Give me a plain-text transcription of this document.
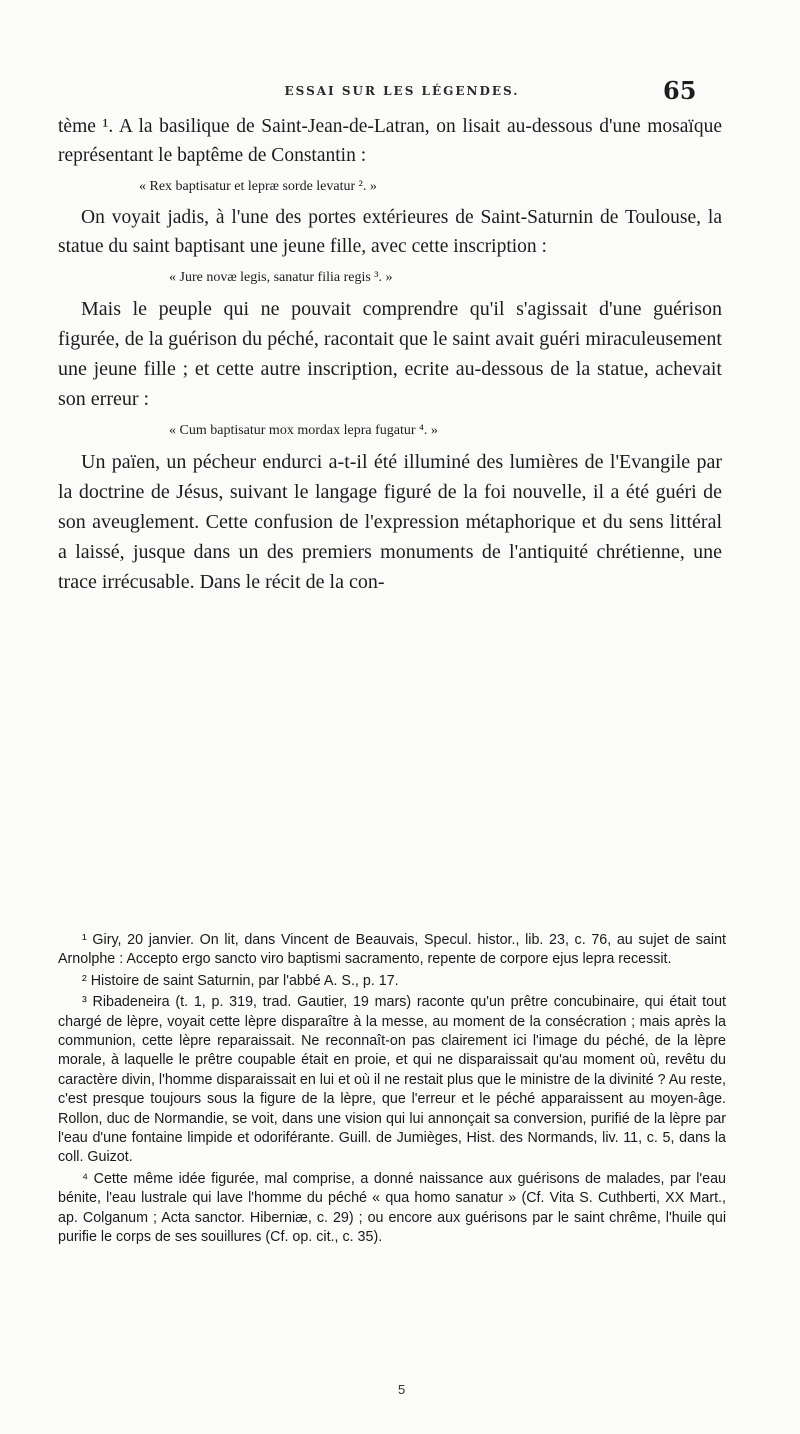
ESSAI SUR LES LÉGENDES.	65

tème ¹. A la basilique de Saint-Jean-de-Latran, on lisait au-dessous d'une mosaïque représentant le baptême de Constantin :

« Rex baptisatur et lepræ sorde levatur ². »

On voyait jadis, à l'une des portes extérieures de Saint-Saturnin de Toulouse, la statue du saint baptisant une jeune fille, avec cette inscription :

« Jure novæ legis, sanatur filia regis ³. »

Mais le peuple qui ne pouvait comprendre qu'il s'agissait d'une guérison figurée, de la guérison du péché, racontait que le saint avait guéri miraculeusement une jeune fille ; et cette autre inscription, ecrite au-dessous de la statue, achevait son erreur :

« Cum baptisatur mox mordax lepra fugatur ⁴. »

Un païen, un pécheur endurci a-t-il été illuminé des lumières de l'Evangile par la doctrine de Jésus, suivant le langage figuré de la foi nouvelle, il a été guéri de son aveuglement. Cette confusion de l'expression métaphorique et du sens littéral a laissé, jusque dans un des premiers monuments de l'antiquité chrétienne, une trace irrécusable. Dans le récit de la con-

¹ Giry, 20 janvier. On lit, dans Vincent de Beauvais, Specul. histor., lib. 23, c. 76, au sujet de saint Arnolphe : Accepto ergo sancto viro baptismi sacramento, repente de corpore ejus lepra recessit.

² Histoire de saint Saturnin, par l'abbé A. S., p. 17.

³ Ribadeneira (t. 1, p. 319, trad. Gautier, 19 mars) raconte qu'un prêtre concubinaire, qui était tout chargé de lèpre, voyait cette lèpre disparaître à la messe, au moment de la consécration ; mais après la communion, cette lèpre reparaissait. Ne reconnaît-on pas clairement ici l'image du péché, de la lèpre morale, à laquelle le prêtre coupable était en proie, et qui ne disparaissait qu'au moment où, revêtu du caractère divin, l'homme disparaissait en lui et où il ne restait plus que le ministre de la divinité ? Au reste, c'est presque toujours sous la figure de la lèpre, que l'erreur et le péché apparaissent au moyen-âge. Rollon, duc de Normandie, se voit, dans une vision qui lui annonçait sa conversion, purifié de la lèpre par l'eau d'une fontaine limpide et odoriférante. Guill. de Jumièges, Hist. des Normands, liv. 11, c. 5, dans la coll. Guizot.

⁴ Cette même idée figurée, mal comprise, a donné naissance aux guérisons de malades, par l'eau bénite, l'eau lustrale qui lave l'homme du péché « qua homo sanatur » (Cf. Vita S. Cuthberti, XX Mart., ap. Colganum ; Acta sanctor. Hiberniæ, c. 29) ; ou encore aux guérisons par le saint chrême, l'huile qui purifie le corps de ses souillures (Cf. op. cit., c. 35).

5
